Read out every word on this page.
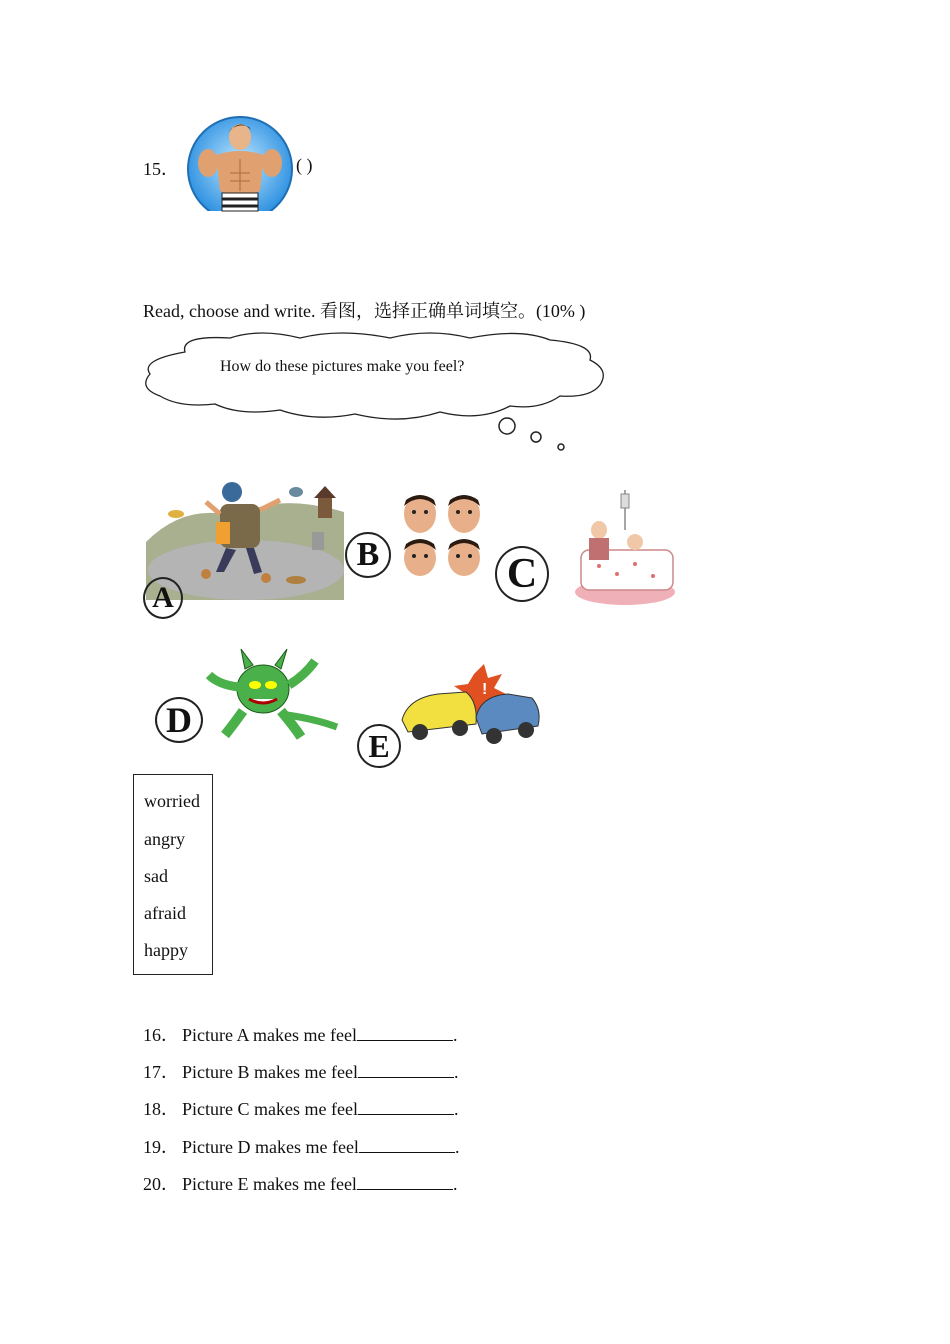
15．	( )
Read, choose and write. 看图，选择正确单词填空。(10% )
How do these pictures make you feel?
!
A
B	C
D
E
worried
angry
sad
afraid
happy
16． Picture A makes me feel	.
17． Picture B makes me feel	.
18． Picture C makes me feel	.
19． Picture D makes me feel	.
20． Picture E makes me feel	.
